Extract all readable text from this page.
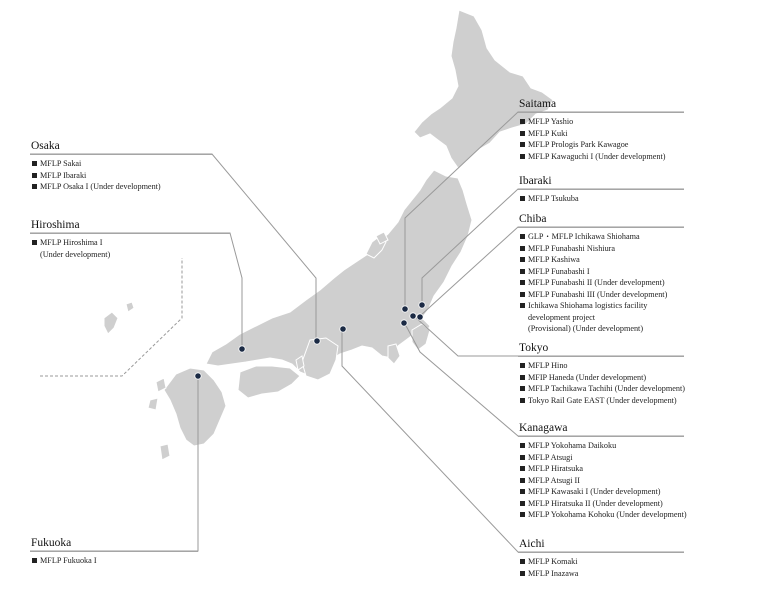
Saitama
MFLP Yashio
MFLP Kuki
MFLP Prologis Park Kawagoe
MFLP Kawaguchi I (Under development)
Osaka
MFLP Sakai
MFLP Ibaraki
MFLP Osaka I (Under development)	Ibaraki
MFLP Tsukuba
Hiroshima
MFLP Hiroshima I
(Under development)
Chiba
GLP・MFLP Ichikawa Shiohama
MFLP Funabashi Nishiura
MFLP Kashiwa
MFLP Funabashi I
MFLP Funabashi II (Under development)
MFLP Funabashi III (Under development)
Ichikawa Shiohama logistics facility development project
(Provisional) (Under development)
Tokyo
MFLP Hino
MFIP Haneda (Under development)
MFLP Tachikawa Tachihi (Under development)
Tokyo Rail Gate EAST (Under development)
Kanagawa
MFLP Yokohama Daikoku
MFLP Atsugi
MFLP Hiratsuka
MFLP Atsugi II
MFLP Kawasaki I (Under development)
MFLP Hiratsuka II (Under development)
MFLP Yokohama Kohoku (Under development)
Fukuoka
MFLP Fukuoka I
Aichi
MFLP Komaki
MFLP Inazawa
